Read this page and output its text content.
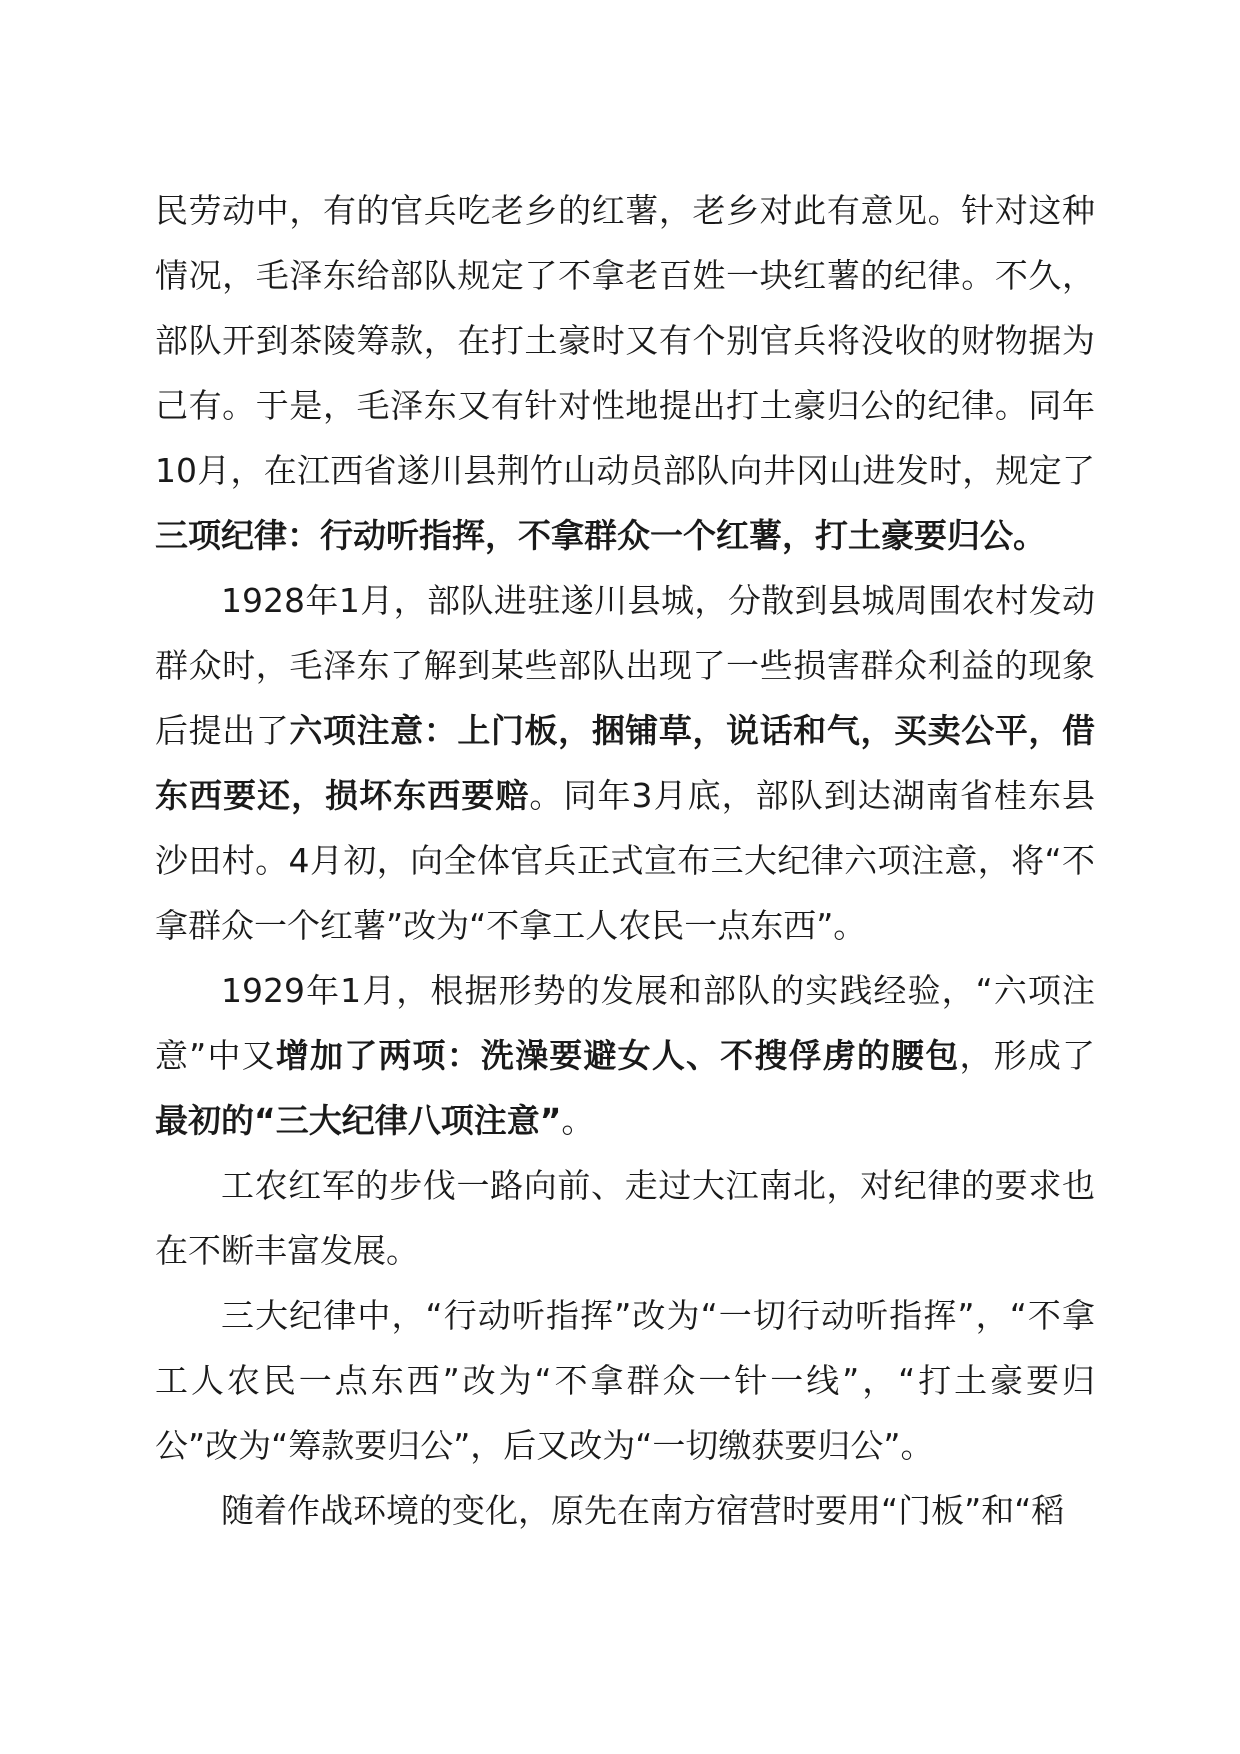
民劳动中，有的官兵吃老乡的红薯，老乡对此有意见。针对这种情况，毛泽东给部队规定了不拿老百姓一块红薯的纪律。不久，部队开到茶陵筹款，在打土豪时又有个别官兵将没收的财物据为己有。于是，毛泽东又有针对性地提出打土豪归公的纪律。同年10月，在江西省遂川县荆竹山动员部队向井冈山进发时，规定了三项纪律：行动听指挥，不拿群众一个红薯，打土豪要归公。

1928年1月，部队进驻遂川县城，分散到县城周围农村发动群众时，毛泽东了解到某些部队出现了一些损害群众利益的现象后提出了六项注意：上门板，捆铺草，说话和气，买卖公平，借东西要还，损坏东西要赔。同年3月底，部队到达湖南省桂东县沙田村。4月初，向全体官兵正式宣布三大纪律六项注意，将“不拿群众一个红薯”改为“不拿工人农民一点东西”。

1929年1月，根据形势的发展和部队的实践经验，“六项注意”中又增加了两项：洗澡要避女人、不搜俘虏的腰包，形成了最初的“三大纪律八项注意”。

工农红军的步伐一路向前、走过大江南北，对纪律的要求也在不断丰富发展。

三大纪律中，“行动听指挥”改为“一切行动听指挥”，“不拿工人农民一点东西”改为“不拿群众一针一线”，“打土豪要归公”改为“筹款要归公”，后又改为“一切缴获要归公”。

随着作战环境的变化，原先在南方宿营时要用“门板”和“稻
